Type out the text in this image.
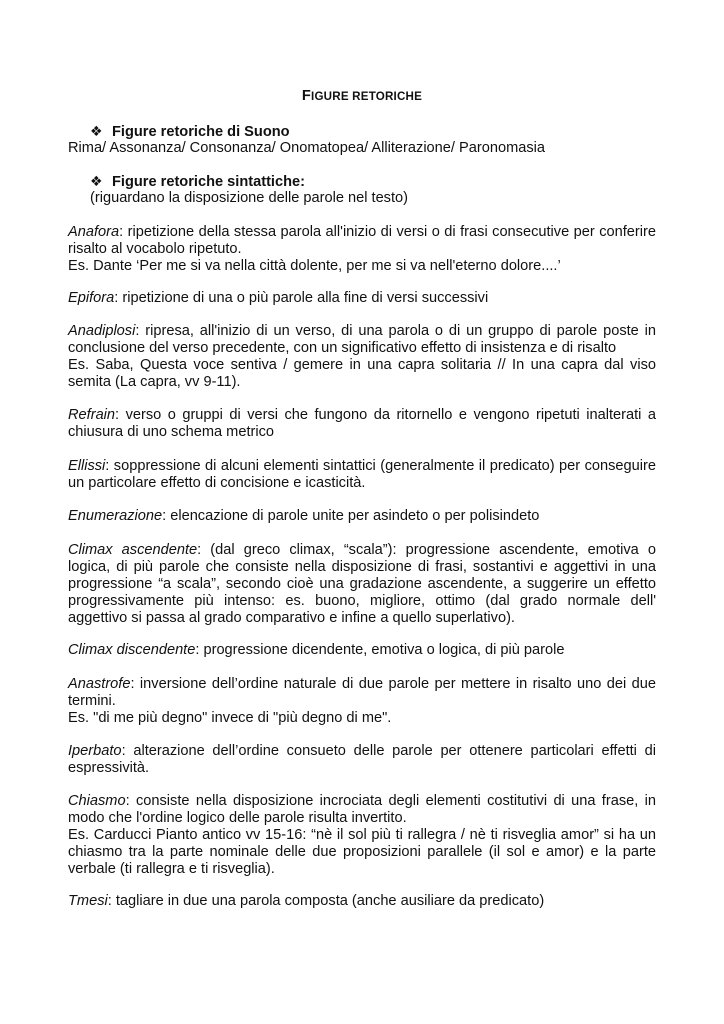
FIGURE RETORICHE
❖ Figure retoriche di Suono
Rima/ Assonanza/ Consonanza/ Onomatopea/ Alliterazione/ Paronomasia
❖ Figure retoriche sintattiche:
(riguardano la disposizione delle parole nel testo)

Anafora: ripetizione della stessa parola all'inizio di versi o di frasi consecutive per conferire risalto al vocabolo ripetuto.

Es. Dante ‘Per me si va nella città dolente, per me si va nell'eterno dolore....’

Epifora: ripetizione di una o più parole alla fine di versi successivi

Anadiplosi: ripresa, all'inizio di un verso, di una parola o di un gruppo di parole poste in conclusione del verso precedente, con un significativo effetto di insistenza e di risalto

Es. Saba, Questa voce sentiva / gemere in una capra solitaria // In una capra dal viso semita (La capra, vv 9-11).

Refrain: verso o gruppi di versi che fungono da ritornello e vengono ripetuti inalterati a chiusura di uno schema metrico

Ellissi: soppressione di alcuni elementi sintattici (generalmente il predicato) per conseguire un particolare effetto di concisione e icasticità.

Enumerazione: elencazione di parole unite per asindeto o per polisindeto

Climax ascendente: (dal greco climax, “scala”): progressione ascendente, emotiva o logica, di più parole che consiste nella disposizione di frasi, sostantivi e aggettivi in una progressione “a scala”, secondo cioè una gradazione ascendente, a suggerire un effetto progressivamente più intenso: es. buono, migliore, ottimo (dal grado normale dell' aggettivo si passa al grado comparativo e infine a quello superlativo).

Climax discendente: progressione dicendente, emotiva o logica, di più parole

Anastrofe: inversione dell’ordine naturale di due parole per mettere in risalto uno dei due termini.

Es. "di me più degno" invece di "più degno di me".

Iperbato: alterazione dell’ordine consueto delle parole per ottenere particolari effetti di espressività.

Chiasmo: consiste nella disposizione incrociata degli elementi costitutivi di una frase, in modo che l'ordine logico delle parole risulta invertito.

Es. Carducci Pianto antico vv 15-16: “nè il sol più ti rallegra / nè ti risveglia amor” si ha un chiasmo tra la parte nominale delle due proposizioni parallele (il sol e amor) e la parte verbale (ti rallegra e ti risveglia).

Tmesi: tagliare in due una parola composta (anche ausiliare da predicato)
